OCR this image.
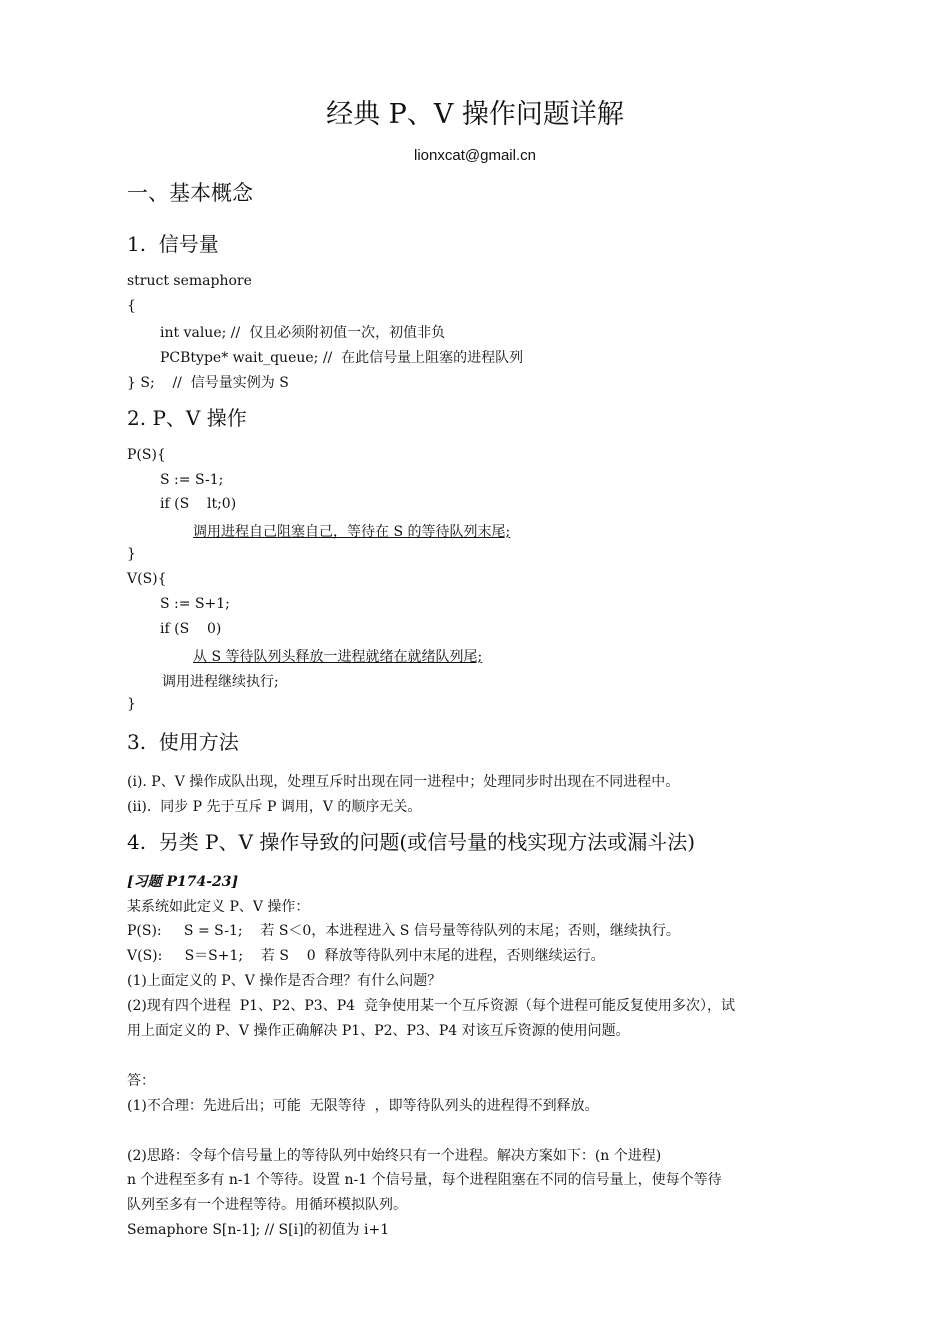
经典 P、V 操作问题详解
lionxcat@gmail.cn
一、基本概念
1.  信号量
struct semaphore
{
int value; //  仅且必须附初值一次，初值非负
PCBtype* wait_queue; //  在此信号量上阻塞的进程队列
} S;    //  信号量实例为 S
2. P、V 操作
P(S){
S := S-1;
if (S    lt;0)
调用进程自己阻塞自己，等待在 S 的等待队列末尾;
}
V(S){
S := S+1;
if (S    0)
从 S 等待队列头释放一进程就绪在就绪队列尾;
调用进程继续执行;
}
3.  使用方法
(i). P、V 操作成队出现，处理互斥时出现在同一进程中；处理同步时出现在不同进程中。
(ii).  同步 P 先于互斥 P 调用，V 的顺序无关。
4.  另类 P、V 操作导致的问题(或信号量的栈实现方法或漏斗法)
[习题 P174-23]
某系统如此定义 P、V 操作：
P(S):     S = S-1;    若 S＜0，本进程进入 S 信号量等待队列的末尾；否则，继续执行。
V(S):     S＝S+1;    若 S    0  释放等待队列中末尾的进程，否则继续运行。
(1)上面定义的 P、V 操作是否合理？有什么问题？
(2)现有四个进程  P1、P2、P3、P4  竞争使用某一个互斥资源（每个进程可能反复使用多次），试
用上面定义的 P、V 操作正确解决 P1、P2、P3、P4 对该互斥资源的使用问题。
答：
(1)不合理：先进后出；可能  无限等待  ，即等待队列头的进程得不到释放。
(2)思路：令每个信号量上的等待队列中始终只有一个进程。解决方案如下：(n 个进程)
n 个进程至多有 n-1 个等待。设置 n-1 个信号量，每个进程阻塞在不同的信号量上，使每个等待
队列至多有一个进程等待。用循环模拟队列。
Semaphore S[n-1]; // S[i]的初值为 i+1
